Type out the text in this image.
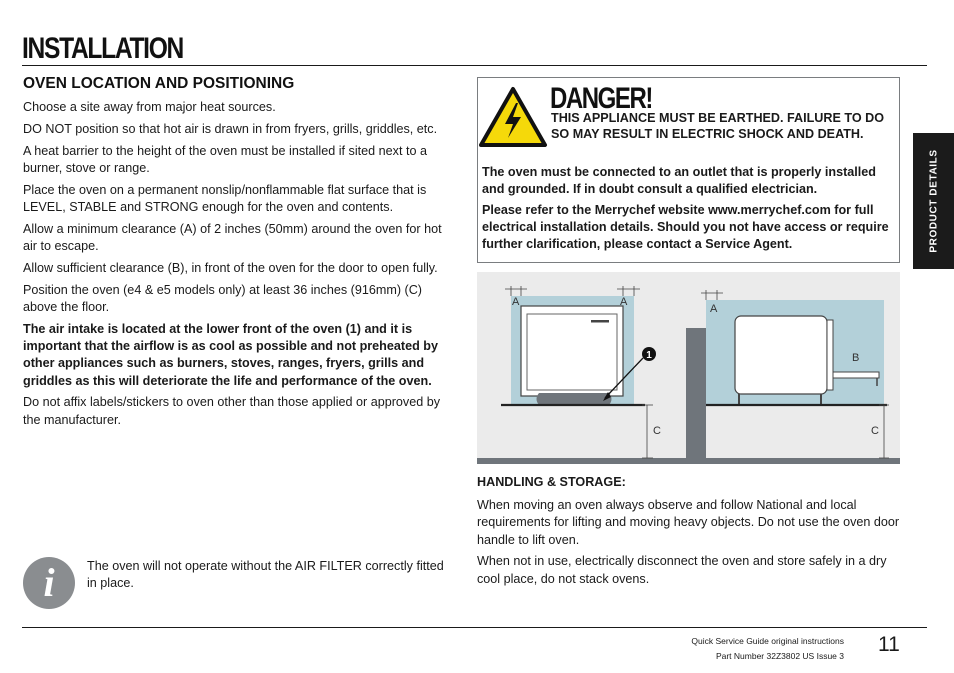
INSTALLATION
OVEN LOCATION AND POSITIONING

Choose a site away from major heat sources.

DO NOT position so that hot air is drawn in from fryers, grills, griddles, etc.

A heat barrier to the height of the oven must be installed if sited next to a burner, stove or range.

Place the oven on a permanent nonslip/nonflammable flat surface that is LEVEL, STABLE and STRONG enough for the oven and contents.

Allow a minimum clearance (A) of 2 inches (50mm) around the oven for hot air to escape.

Allow sufficient clearance (B), in front of the oven for the door to open fully.

Position the oven (e4 & e5 models only) at least 36 inches (916mm) (C) above the floor.

The air intake is located at the lower front of the oven (1) and it is important that the airflow is as cool as possible and not preheated by other appliances such as burners, stoves, ranges, fryers, grills and griddles as this will deteriorate the life and performance of the oven.

Do not affix labels/stickers to oven other than those applied or approved by the manufacturer.

i	The oven will not operate without the AIR FILTER correctly fitted in place.

DANGER!

THIS APPLIANCE MUST BE EARTHED. FAILURE TO DO SO MAY RESULT IN ELECTRIC SHOCK AND DEATH.

The oven must be connected to an outlet that is properly installed and grounded. If in doubt consult a qualified electrician.

Please refer to the Merrychef website www.merrychef.com for full electrical installation details. Should you not have access or require further clarification, please contact a Service Agent.

A	A
1
C
A
B
C
HANDLING & STORAGE:

When moving an oven always observe and follow National and local requirements for lifting and moving heavy objects. Do not use the oven door handle to lift oven.

When not in use, electrically disconnect the oven and store safely in a dry cool place, do not stack ovens.

PRODUCT DETAILS

Quick Service Guide original instructions

Part Number 32Z3802 US Issue 3 11
